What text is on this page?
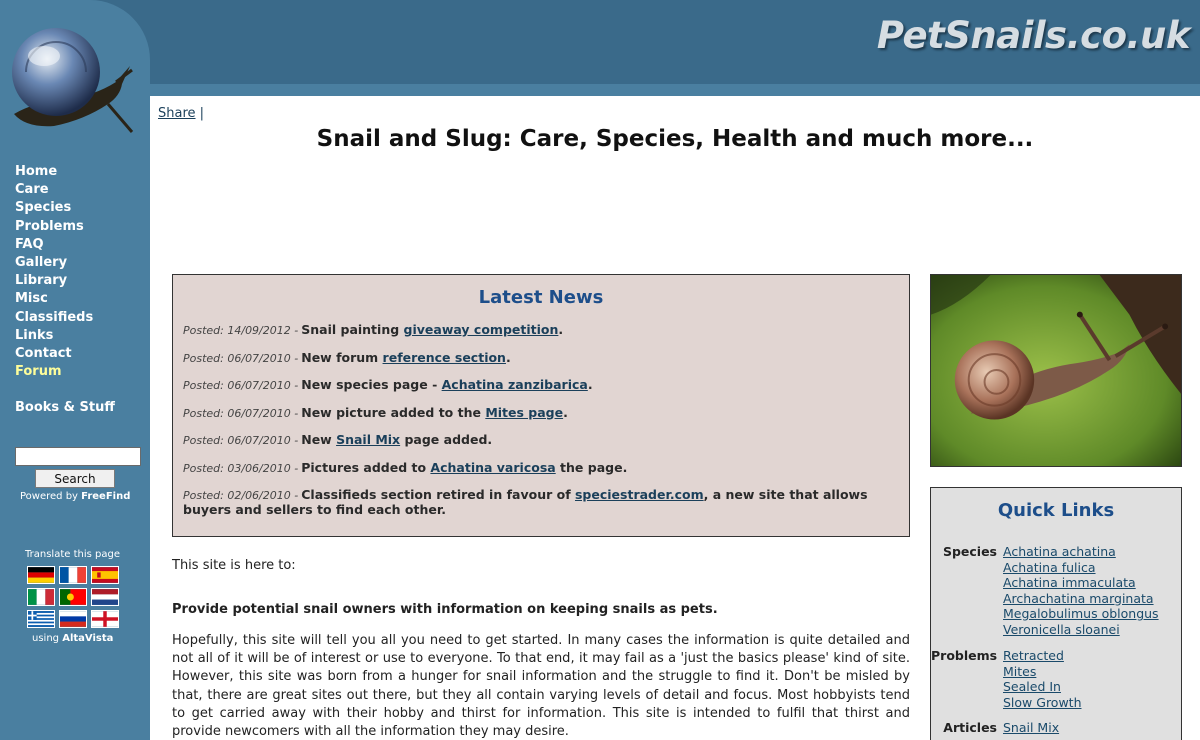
PetSnails.co.uk
Home
Care
Species
Problems
FAQ
Gallery
Library
Misc
Classifieds
Links
Contact
Forum
Books & Stuff
Search
Powered by FreeFind
Translate this page
using AltaVista
Share |
Snail and Slug: Care, Species, Health and much more...
Latest News
Posted: 14/09/2012 - Snail painting giveaway competition.
Posted: 06/07/2010 - New forum reference section.
Posted: 06/07/2010 - New species page - Achatina zanzibarica.
Posted: 06/07/2010 - New picture added to the Mites page.
Posted: 06/07/2010 - New Snail Mix page added.
Posted: 03/06/2010 - Pictures added to Achatina varicosa the page.
Posted: 02/06/2010 - Classifieds section retired in favour of speciestrader.com, a new site that allows buyers and sellers to find each other.	Quick Links
Species Achatina achatina
Achatina fulica
Achatina immaculata
Archachatina marginata
Megalobulimus oblongus
Veronicella sloanei
Problems Retracted
Mites
Sealed In
Slow Growth
Articles Snail Mix
This site is here to:
Provide potential snail owners with information on keeping snails as pets.

Hopefully, this site will tell you all you need to get started. In many cases the information is quite detailed and not all of it will be of interest or use to everyone. To that end, it may fail as a 'just the basics please' kind of site. However, this site was born from a hunger for snail information and the struggle to find it. Don't be misled by that, there are great sites out there, but they all contain varying levels of detail and focus. Most hobbyists tend to get carried away with their hobby and thirst for information. This site is intended to fulfil that thirst and provide newcomers with all the information they may desire.
